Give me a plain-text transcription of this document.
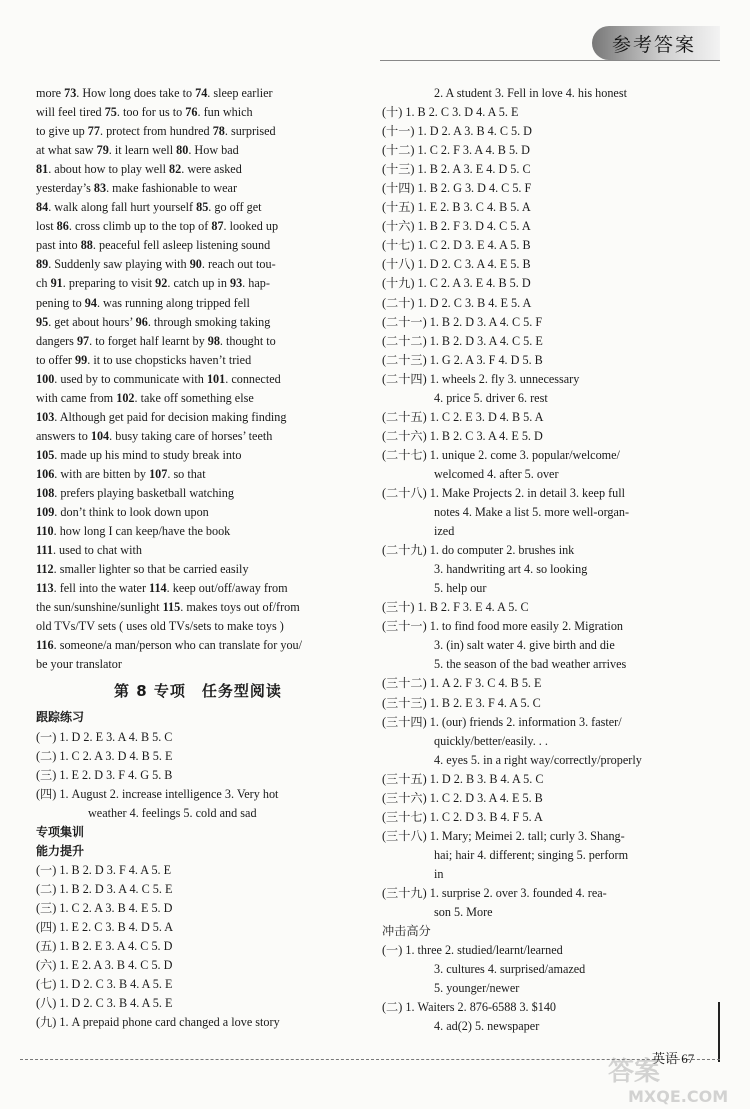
参考答案
more 73. How long does take to 74. sleep earlier
will feel tired 75. too for us to 76. fun which
to give up 77. protect from hundred 78. surprised
at what saw 79. it learn well 80. How bad
81. about how to play well 82. were asked
yesterday’s 83. make fashionable to wear
84. walk along fall hurt yourself 85. go off get
lost 86. cross climb up to the top of 87. looked up
past into 88. peaceful fell asleep listening sound
89. Suddenly saw playing with 90. reach out tou-
ch 91. preparing to visit 92. catch up in 93. hap-
pening to 94. was running along tripped fell
95. get about hours’ 96. through smoking taking
dangers 97. to forget half learnt by 98. thought to
to offer 99. it to use chopsticks haven’t tried
100. used by to communicate with 101. connected
with came from 102. take off something else
103. Although get paid for decision making finding
answers to 104. busy taking care of horses’ teeth
105. made up his mind to study break into
106. with are bitten by 107. so that
108. prefers playing basketball watching
109. don’t think to look down upon
110. how long I can keep/have the book
111. used to chat with
112. smaller lighter so that be carried easily
113. fell into the water 114. keep out/off/away from
the sun/sunshine/sunlight 115. makes toys out of/from
old TVs/TV sets ( uses old TVs/sets to make toys )
116. someone/a man/person who can translate for you/
be your translator
第 8 专项　任务型阅读
跟踪练习
(一) 1. D 2. E 3. A 4. B 5. C
(二) 1. C 2. A 3. D 4. B 5. E
(三) 1. E 2. D 3. F 4. G 5. B
(四) 1. August 2. increase intelligence 3. Very hot
weather 4. feelings 5. cold and sad
专项集训
能力提升
(一) 1. B 2. D 3. F 4. A 5. E
(二) 1. B 2. D 3. A 4. C 5. E
(三) 1. C 2. A 3. B 4. E 5. D
(四) 1. E 2. C 3. B 4. D 5. A
(五) 1. B 2. E 3. A 4. C 5. D
(六) 1. E 2. A 3. B 4. C 5. D
(七) 1. D 2. C 3. B 4. A 5. E
(八) 1. D 2. C 3. B 4. A 5. E
(九) 1. A prepaid phone card changed a love story
2. A student 3. Fell in love 4. his honest
(十) 1. B 2. C 3. D 4. A 5. E
(十一) 1. D 2. A 3. B 4. C 5. D
(十二) 1. C 2. F 3. A 4. B 5. D
(十三) 1. B 2. A 3. E 4. D 5. C
(十四) 1. B 2. G 3. D 4. C 5. F
(十五) 1. E 2. B 3. C 4. B 5. A
(十六) 1. B 2. F 3. D 4. C 5. A
(十七) 1. C 2. D 3. E 4. A 5. B
(十八) 1. D 2. C 3. A 4. E 5. B
(十九) 1. C 2. A 3. E 4. B 5. D
(二十) 1. D 2. C 3. B 4. E 5. A
(二十一) 1. B 2. D 3. A 4. C 5. F
(二十二) 1. B 2. D 3. A 4. C 5. E
(二十三) 1. G 2. A 3. F 4. D 5. B
(二十四) 1. wheels 2. fly 3. unnecessary
4. price 5. driver 6. rest
(二十五) 1. C 2. E 3. D 4. B 5. A
(二十六) 1. B 2. C 3. A 4. E 5. D
(二十七) 1. unique 2. come 3. popular/welcome/
welcomed 4. after 5. over
(二十八) 1. Make Projects 2. in detail 3. keep full
notes 4. Make a list 5. more well-organ-
ized
(二十九) 1. do computer 2. brushes ink
3. handwriting art 4. so looking
5. help our
(三十) 1. B 2. F 3. E 4. A 5. C
(三十一) 1. to find food more easily 2. Migration
3. (in) salt water 4. give birth and die
5. the season of the bad weather arrives
(三十二) 1. A 2. F 3. C 4. B 5. E
(三十三) 1. B 2. E 3. F 4. A 5. C
(三十四) 1. (our) friends 2. information 3. faster/
quickly/better/easily. . .
4. eyes 5. in a right way/correctly/properly
(三十五) 1. D 2. B 3. B 4. A 5. C
(三十六) 1. C 2. D 3. A 4. E 5. B
(三十七) 1. C 2. D 3. B 4. F 5. A
(三十八) 1. Mary; Meimei 2. tall; curly 3. Shang-
hai; hair 4. different; singing 5. perform
in
(三十九) 1. surprise 2. over 3. founded 4. rea-
son 5. More
冲击高分
(一) 1. three 2. studied/learnt/learned
3. cultures 4. surprised/amazed
5. younger/newer
(二) 1. Waiters 2. 876-6588 3. $140
4. ad(2) 5. newspaper
英语 67
答案
MXQE.COM
